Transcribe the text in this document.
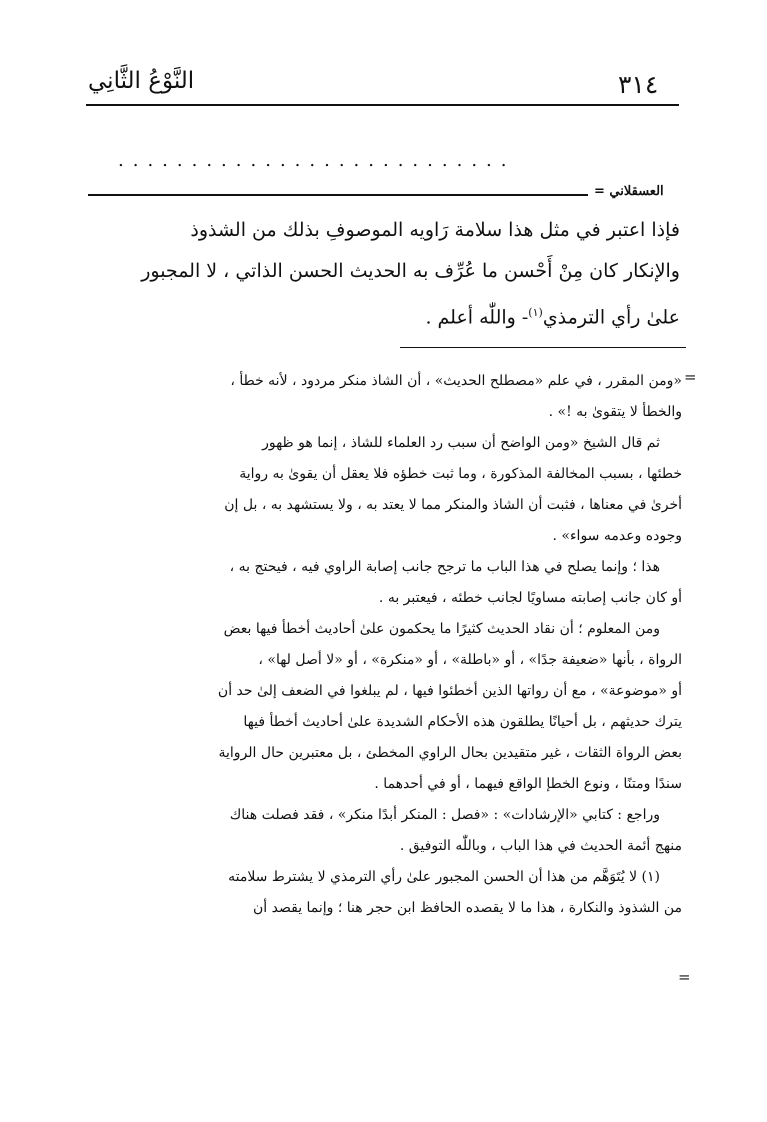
النَّوْعُ الثَّانِي	٣١٤
...........................
العسقلاني =
فإذا اعتبر في مثل هذا سلامة رَاويه الموصوفِ بذلك من الشذوذ
والإنكار كان مِنْ أَحْسن ما عُرِّف به الحديث الحسن الذاتي ، لا المجبور
علىٰ رأي الترمذي$^{(١)}$- واللّٰه أعلم .
=
«ومن المقرر ، في علم «مصطلح الحديث» ، أن الشاذ منكر مردود ، لأنه خطأ ،
والخطأ لا يتقوىٰ به !» .
ثم قال الشيخ «ومن الواضح أن سبب رد العلماء للشاذ ، إنما هو ظهور
خطئها ، بسبب المخالفة المذكورة ، وما ثبت خطؤه فلا يعقل أن يقوىٰ به رواية
أخرىٰ في معناها ، فثبت أن الشاذ والمنكر مما لا يعتد به ، ولا يستشهد به ، بل إن
وجوده وعدمه سواء» .
هذا ؛ وإنما يصلح في هذا الباب ما ترجح جانب إصابة الراوي فيه ، فيحتج به ،
أو كان جانب إصابته مساويًا لجانب خطئه ، فيعتبر به .
ومن المعلوم ؛ أن نقاد الحديث كثيرًا ما يحكمون علىٰ أحاديث أخطأ فيها بعض
الرواة ، بأنها «ضعيفة جدًا» ، أو «باطلة» ، أو «منكرة» ، أو «لا أصل لها» ،
أو «موضوعة» ، مع أن رواتها الذين أخطئوا فيها ، لم يبلغوا في الضعف إلىٰ حد أن
يترك حديثهم ، بل أحيانًا يطلقون هذه الأحكام الشديدة علىٰ أحاديث أخطأ فيها
بعض الرواة الثقات ، غير متقيدين بحال الراوي المخطئ ، بل معتبرين حال الرواية
سندًا ومتنًا ، ونوع الخطإ الواقع فيهما ، أو في أحدهما .
وراجع : كتابي «الإرشادات» : «فصل : المنكر أبدًا منكر» ، فقد فصلت هناك
منهج أئمة الحديث في هذا الباب ، وباللّٰه التوفيق .
(١) لا يُتَوَهَّم من هذا أن الحسن المجبور علىٰ رأي الترمذي لا يشترط سلامته
من الشذوذ والنكارة ، هذا ما لا يقصده الحافظ ابن حجر هنا ؛ وإنما يقصد أن
=
